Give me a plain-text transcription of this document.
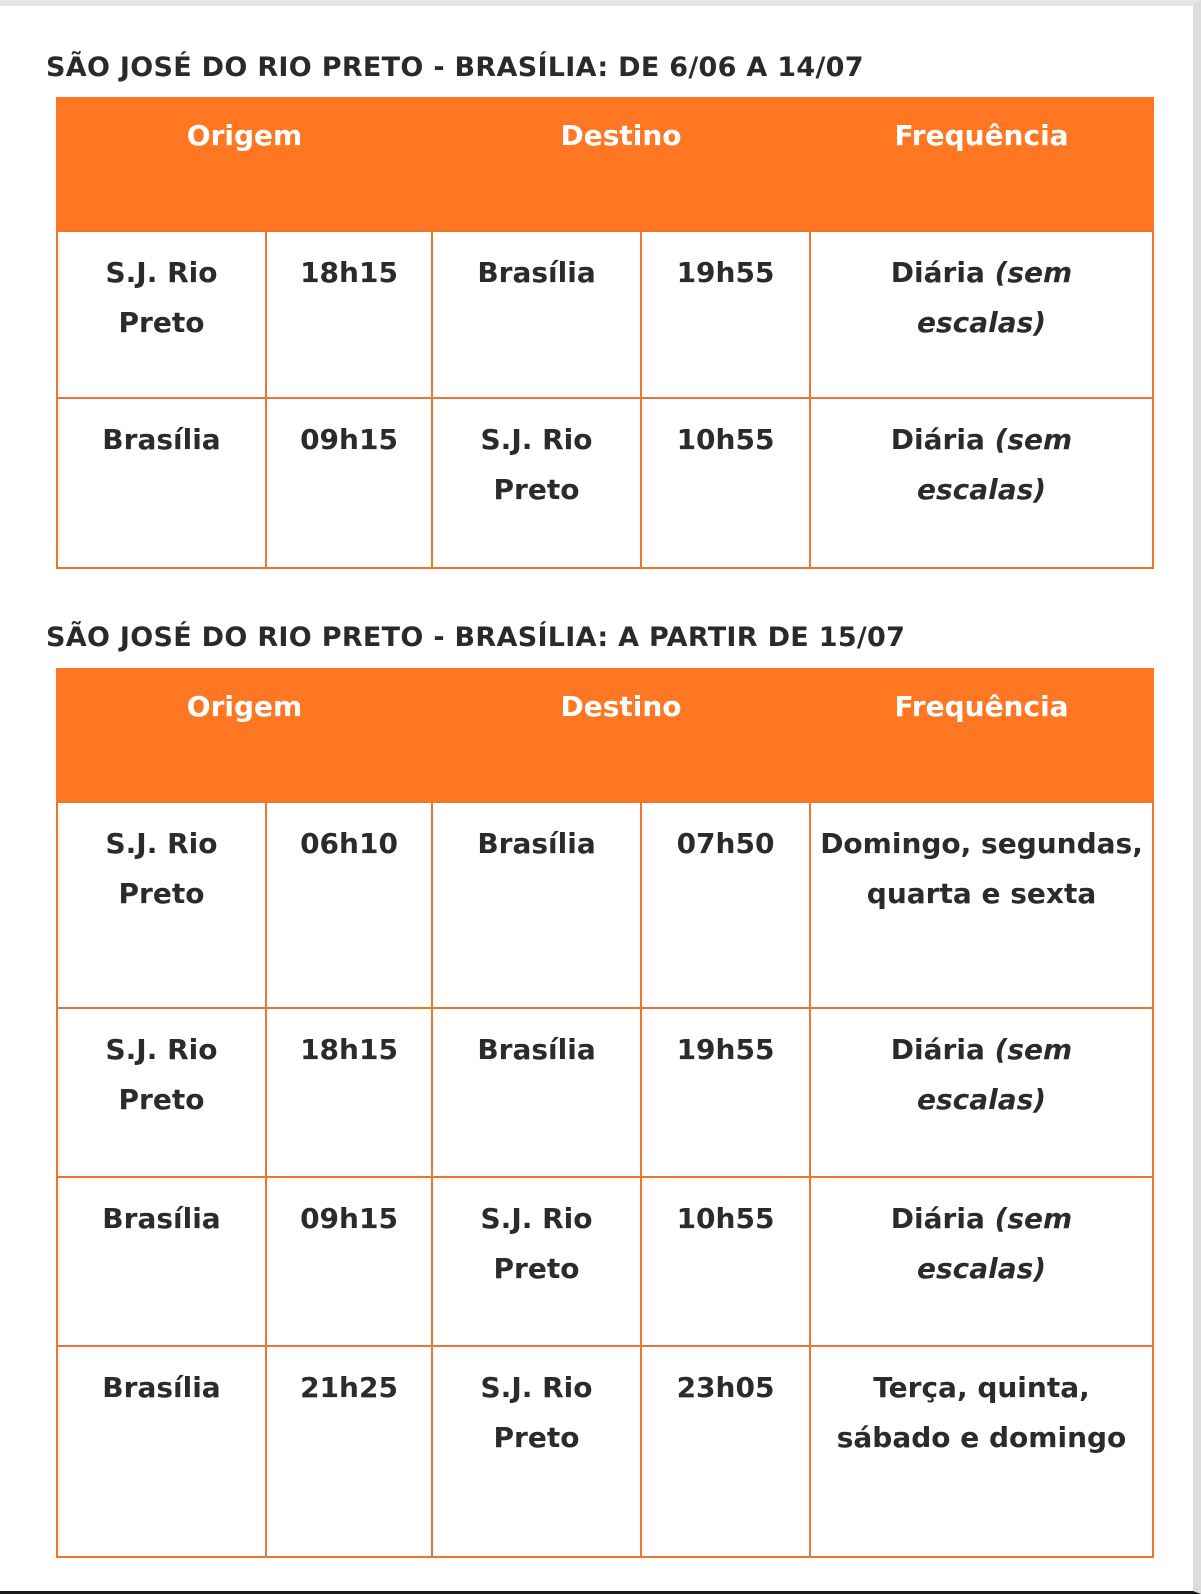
SÃO JOSÉ DO RIO PRETO - BRASÍLIA: DE 6/06 A 14/07
Origem		Destino		Frequência
S.J. Rio Preto	18h15	Brasília	19h55	Diária (sem escalas)
Brasília	09h15	S.J. Rio Preto	10h55	Diária (sem escalas)
SÃO JOSÉ DO RIO PRETO - BRASÍLIA: A PARTIR DE 15/07
Origem		Destino		Frequência
S.J. Rio Preto	06h10	Brasília	07h50	Domingo, segundas, quarta e sexta
S.J. Rio Preto	18h15	Brasília	19h55	Diária (sem escalas)
Brasília	09h15	S.J. Rio Preto	10h55	Diária (sem escalas)
Brasília	21h25	S.J. Rio Preto	23h05	Terça, quinta, sábado e domingo
